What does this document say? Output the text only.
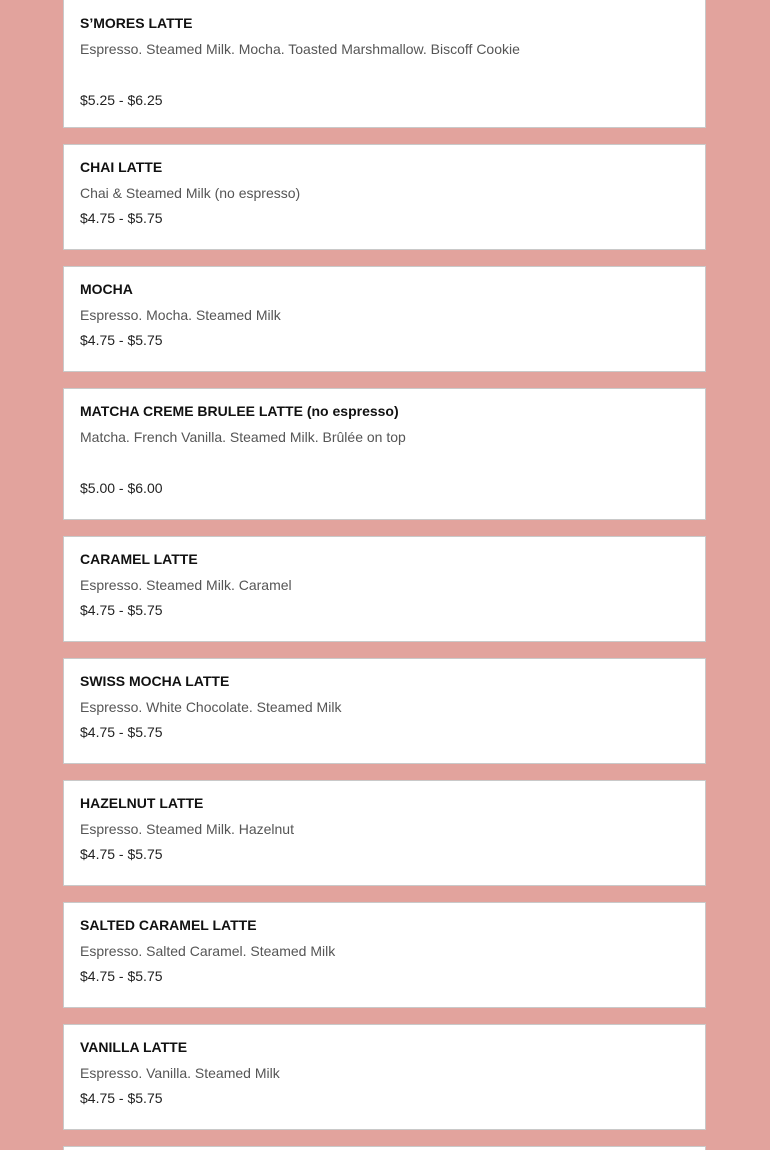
S’MORES LATTE
Espresso. Steamed Milk. Mocha. Toasted Marshmallow. Biscoff Cookie
$5.25 - $6.25
CHAI LATTE
Chai & Steamed Milk (no espresso)
$4.75 - $5.75
MOCHA
Espresso. Mocha. Steamed Milk
$4.75 - $5.75
MATCHA CREME BRULEE LATTE (no espresso)
Matcha. French Vanilla. Steamed Milk. Brûlée on top
$5.00 - $6.00
CARAMEL LATTE
Espresso. Steamed Milk. Caramel
$4.75 - $5.75
SWISS MOCHA LATTE
Espresso. White Chocolate. Steamed Milk
$4.75 - $5.75
HAZELNUT LATTE
Espresso. Steamed Milk. Hazelnut
$4.75 - $5.75
SALTED CARAMEL LATTE
Espresso. Salted Caramel. Steamed Milk
$4.75 - $5.75
VANILLA LATTE
Espresso. Vanilla. Steamed Milk
$4.75 - $5.75
